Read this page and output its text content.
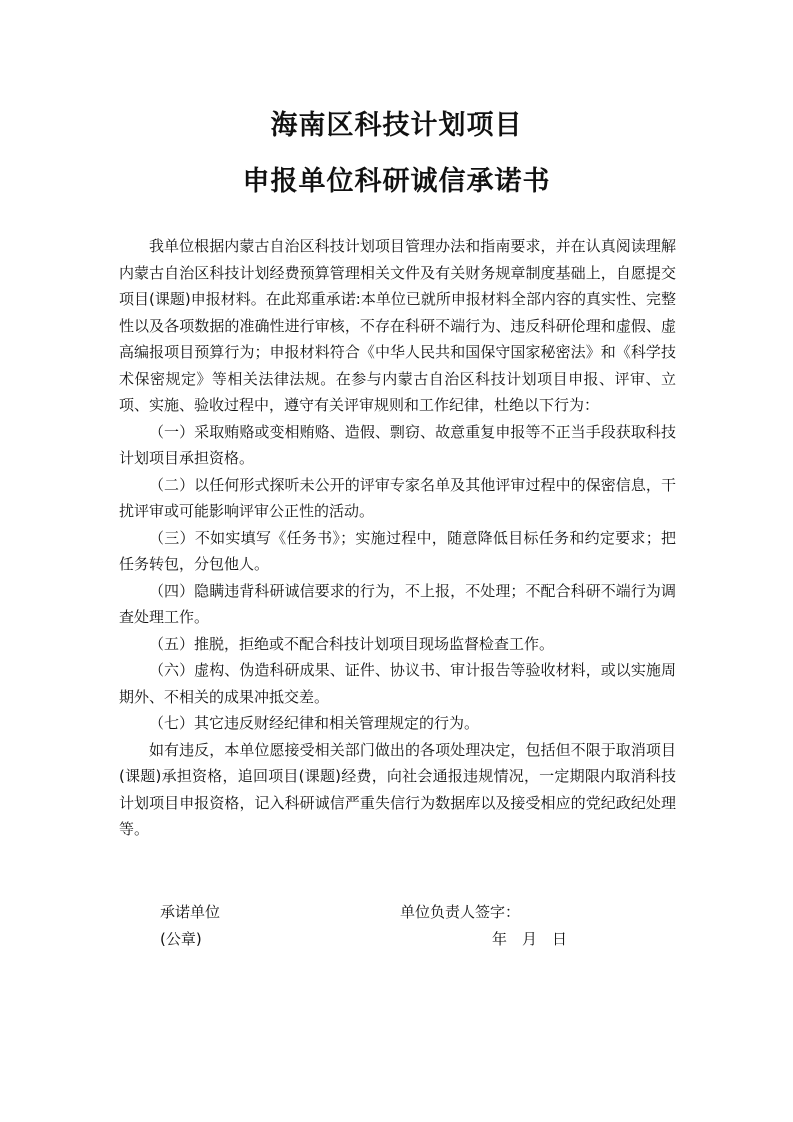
海南区科技计划项目
申报单位科研诚信承诺书

我单位根据内蒙古自治区科技计划项目管理办法和指南要求，并在认真阅读理解内蒙古自治区科技计划经费预算管理相关文件及有关财务规章制度基础上，自愿提交项目(课题)申报材料。在此郑重承诺:本单位已就所申报材料全部内容的真实性、完整性以及各项数据的准确性进行审核，不存在科研不端行为、违反科研伦理和虚假、虚高编报项目预算行为；申报材料符合《中华人民共和国保守国家秘密法》和《科学技术保密规定》等相关法律法规。在参与内蒙古自治区科技计划项目申报、评审、立项、实施、验收过程中，遵守有关评审规则和工作纪律，杜绝以下行为：

（一）采取贿赂或变相贿赂、造假、剽窃、故意重复申报等不正当手段获取科技计划项目承担资格。

（二）以任何形式探听未公开的评审专家名单及其他评审过程中的保密信息，干扰评审或可能影响评审公正性的活动。

（三）不如实填写《任务书》；实施过程中，随意降低目标任务和约定要求；把任务转包，分包他人。

（四）隐瞒违背科研诚信要求的行为，不上报，不处理；不配合科研不端行为调查处理工作。

（五）推脱，拒绝或不配合科技计划项目现场监督检查工作。

（六）虚构、伪造科研成果、证件、协议书、审计报告等验收材料，或以实施周期外、不相关的成果冲抵交差。

（七）其它违反财经纪律和相关管理规定的行为。

如有违反，本单位愿接受相关部门做出的各项处理决定，包括但不限于取消项目(课题)承担资格，追回项目(课题)经费，向社会通报违规情况，一定期限内取消科技计划项目申报资格，记入科研诚信严重失信行为数据库以及接受相应的党纪政纪处理等。

承诺单位	单位负责人签字：
(公章)	年　月　日
